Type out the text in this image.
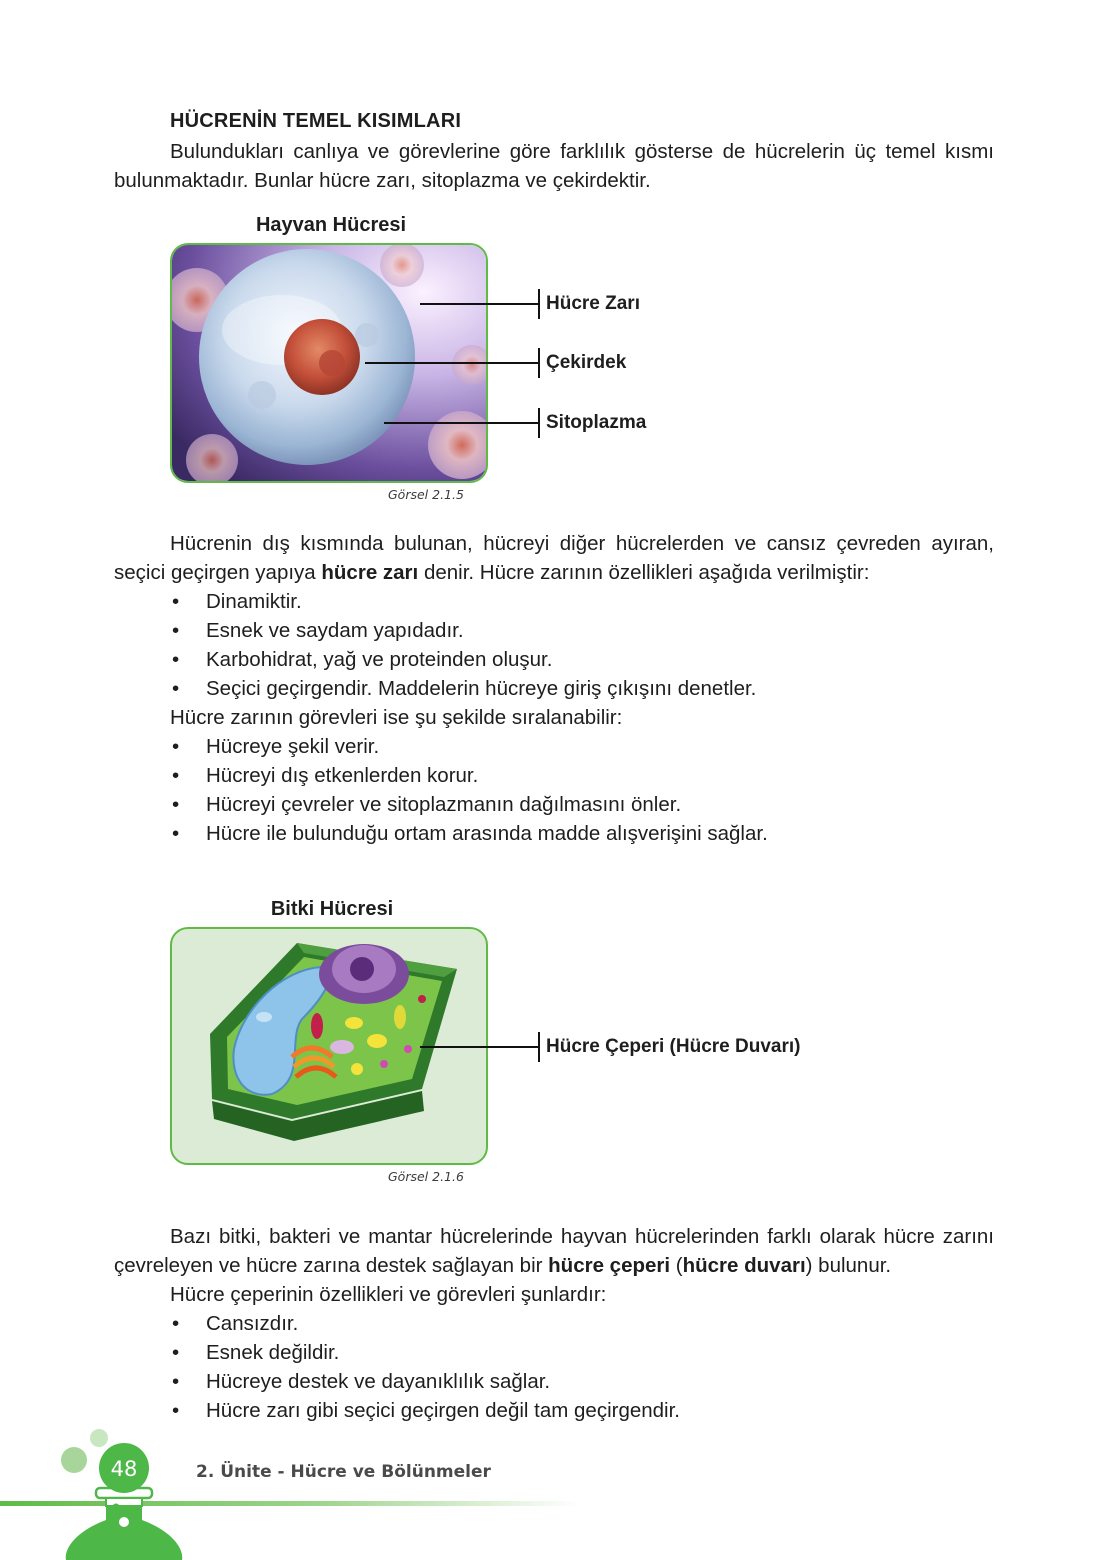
HÜCRENİN TEMEL KISIMLARI

Bulundukları canlıya ve görevlerine göre farklılık gösterse de hücrelerin üç temel kısmı bulunmaktadır. Bunlar hücre zarı, sitoplazma ve çekirdektir.

Hayvan Hücresi
Hücre Zarı
Çekirdek
Sitoplazma
Görsel 2.1.5

Hücrenin dış kısmında bulunan, hücreyi diğer hücrelerden ve cansız çevreden ayıran, seçici geçirgen yapıya hücre zarı denir. Hücre zarının özellikleri aşağıda verilmiştir:

• Dinamiktir.
• Esnek ve saydam yapıdadır.
• Karbohidrat, yağ ve proteinden oluşur.
• Seçici geçirgendir. Maddelerin hücreye giriş çıkışını denetler.
Hücre zarının görevleri ise şu şekilde sıralanabilir:
• Hücreye şekil verir.
• Hücreyi dış etkenlerden korur.
• Hücreyi çevreler ve sitoplazmanın dağılmasını önler.
• Hücre ile bulunduğu ortam arasında madde alışverişini sağlar.
Bitki Hücresi
Hücre Çeperi (Hücre Duvarı)
Görsel 2.1.6

Bazı bitki, bakteri ve mantar hücrelerinde hayvan hücrelerinden farklı olarak hücre zarını çevreleyen ve hücre zarına destek sağlayan bir hücre çeperi (hücre duvarı) bulunur.

Hücre çeperinin özellikleri ve görevleri şunlardır:
• Cansızdır.
• Esnek değildir.
• Hücreye destek ve dayanıklılık sağlar.
• Hücre zarı gibi seçici geçirgen değil tam geçirgendir.
48	2. Ünite - Hücre ve Bölünmeler
